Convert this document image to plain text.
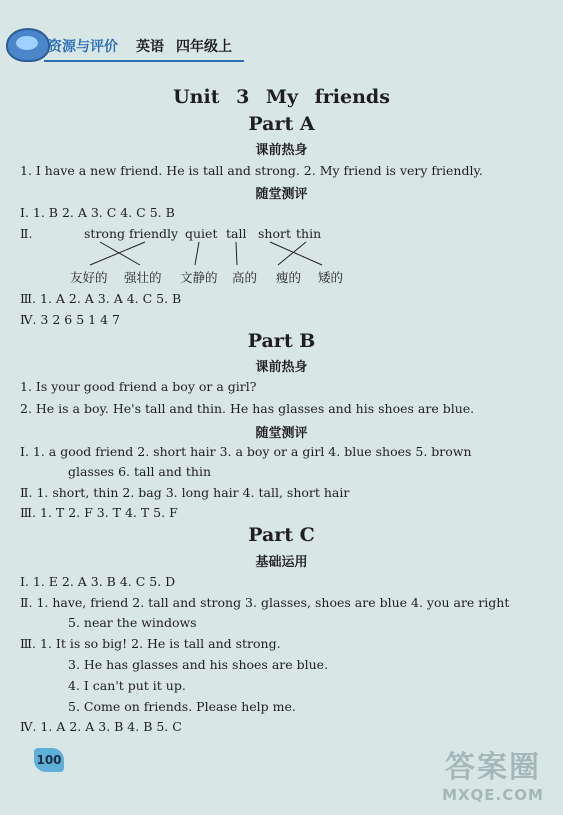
资源与评价 英语 四年级上
Unit 3 My friends
Part A
课前热身
1. I have a new friend. He is tall and strong. 2. My friend is very friendly.
随堂测评
Ⅰ. 1. B 2. A 3. C 4. C 5. B
Ⅱ.	strong friendly quiet tall short thin
友好的 强壮的 文静的 高的 瘦的 矮的
Ⅲ. 1. A 2. A 3. A 4. C 5. B
Ⅳ. 3 2 6 5 1 4 7
Part B
课前热身
1. Is your good friend a boy or a girl?
2. He is a boy. He's tall and thin. He has glasses and his shoes are blue.
随堂测评
Ⅰ. 1. a good friend 2. short hair 3. a boy or a girl 4. blue shoes 5. brown
glasses 6. tall and thin
Ⅱ. 1. short, thin 2. bag 3. long hair 4. tall, short hair
Ⅲ. 1. T 2. F 3. T 4. T 5. F
Part C
基础运用
Ⅰ. 1. E 2. A 3. B 4. C 5. D
Ⅱ. 1. have, friend 2. tall and strong 3. glasses, shoes are blue 4. you are right
5. near the windows
Ⅲ. 1. It is so big! 2. He is tall and strong.
3. He has glasses and his shoes are blue.
4. I can't put it up.
5. Come on friends. Please help me.
Ⅳ. 1. A 2. A 3. B 4. B 5. C
100	答案圈
MXQE.COM
